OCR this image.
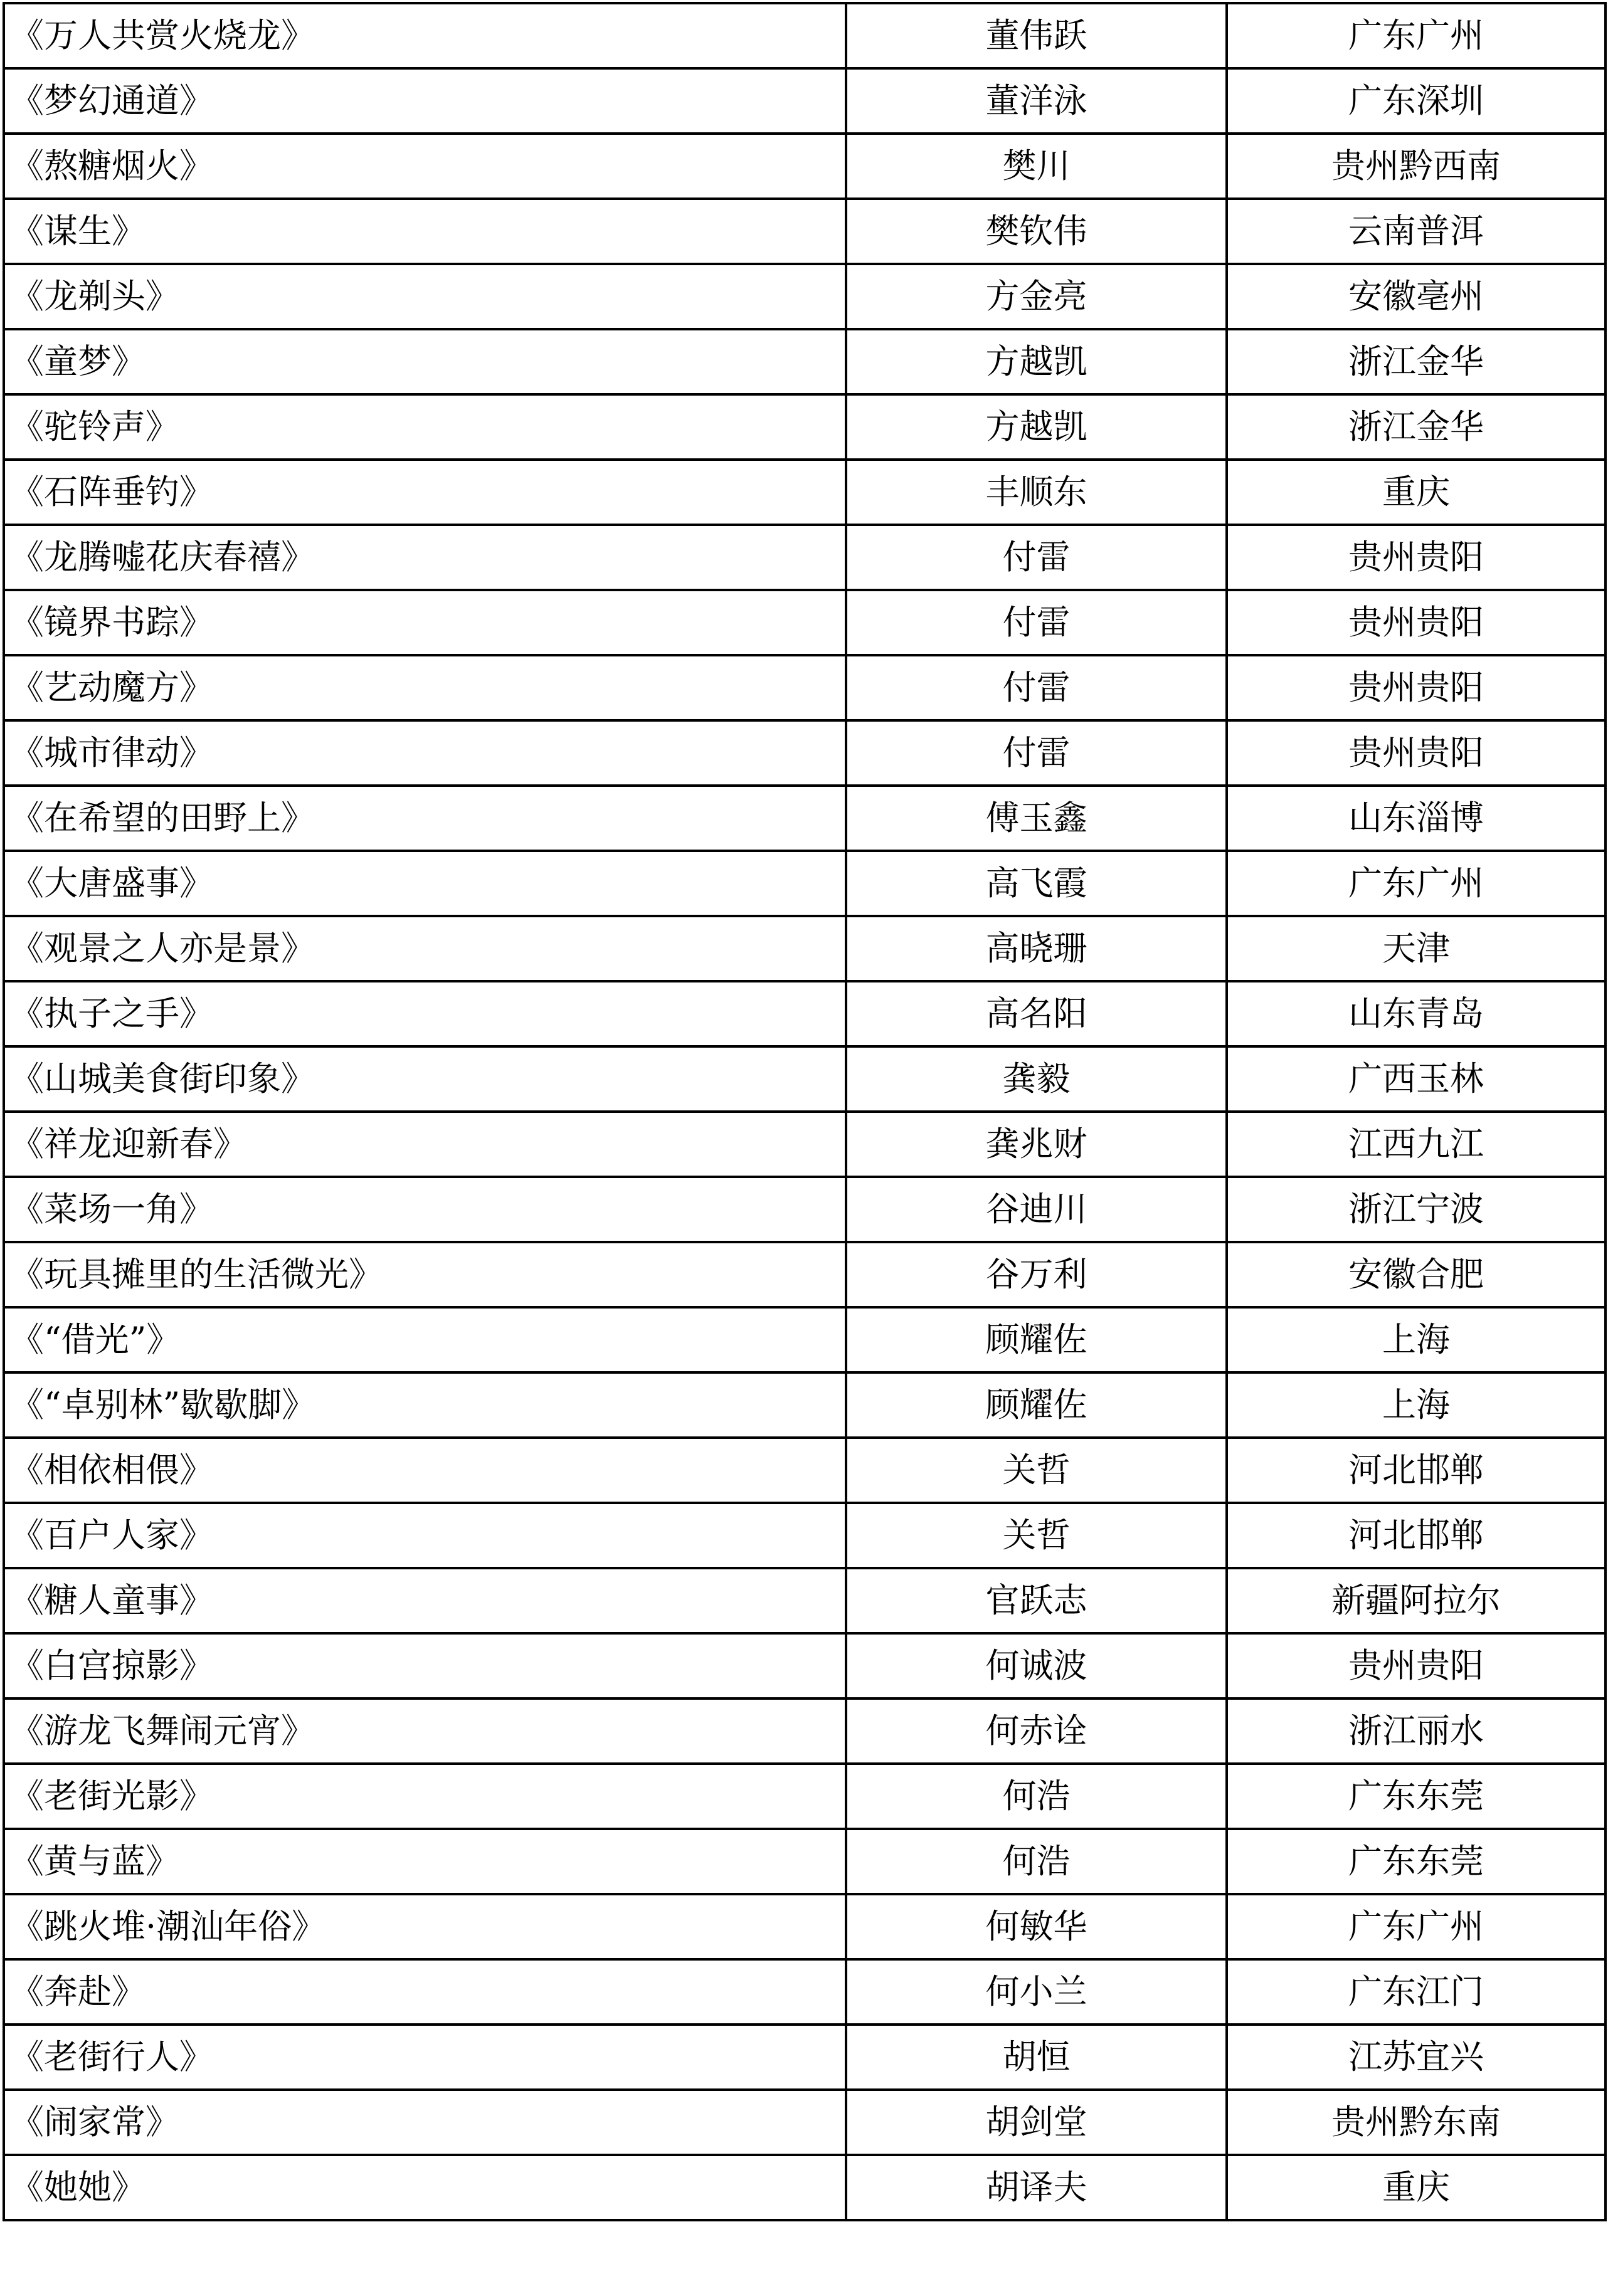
《万人共赏火烧龙》	董伟跃	广东广州
《梦幻通道》	董洋泳	广东深圳
《熬糖烟火》	樊川	贵州黔西南
《谋生》	樊钦伟	云南普洱
《龙剃头》	方金亮	安徽亳州
《童梦》	方越凯	浙江金华
《驼铃声》	方越凯	浙江金华
《石阵垂钓》	丰顺东	重庆
《龙腾嘘花庆春禧》	付雷	贵州贵阳
《镜界书踪》	付雷	贵州贵阳
《艺动魔方》	付雷	贵州贵阳
《城市律动》	付雷	贵州贵阳
《在希望的田野上》	傅玉鑫	山东淄博
《大唐盛事》	高飞霞	广东广州
《观景之人亦是景》	高晓珊	天津
《执子之手》	高名阳	山东青岛
《山城美食街印象》	龚毅	广西玉林
《祥龙迎新春》	龚兆财	江西九江
《菜场一角》	谷迪川	浙江宁波
《玩具摊里的生活微光》	谷万利	安徽合肥
《“借光”》	顾耀佐	上海
《“卓别林”歇歇脚》	顾耀佐	上海
《相依相偎》	关哲	河北邯郸
《百户人家》	关哲	河北邯郸
《糖人童事》	官跃志	新疆阿拉尔
《白宫掠影》	何诚波	贵州贵阳
《游龙飞舞闹元宵》	何赤诠	浙江丽水
《老街光影》	何浩	广东东莞
《黄与蓝》	何浩	广东东莞
《跳火堆·潮汕年俗》	何敏华	广东广州
《奔赴》	何小兰	广东江门
《老街行人》	胡恒	江苏宜兴
《闹家常》	胡剑堂	贵州黔东南
《她她》	胡译夫	重庆
